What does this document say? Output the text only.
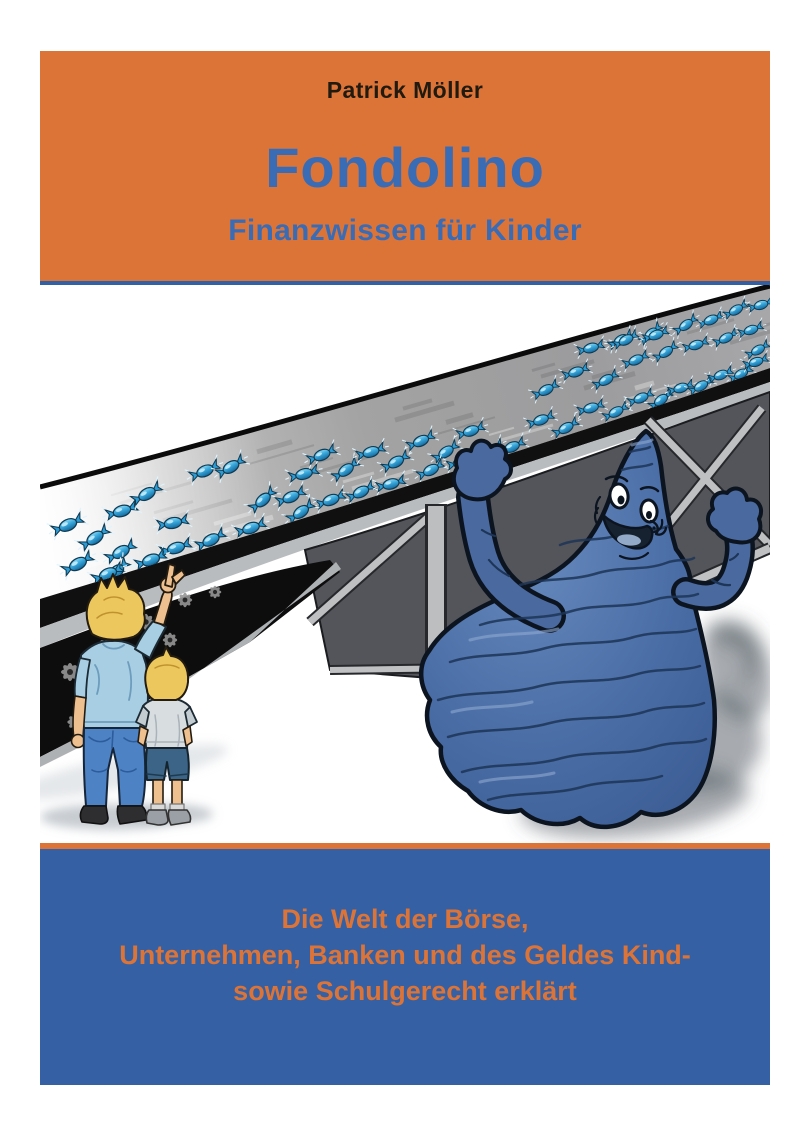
Patrick Möller
Fondolino
Finanzwissen für Kinder

Die Welt der Börse,

Unternehmen, Banken und des Geldes Kind-

sowie Schulgerecht erklärt
